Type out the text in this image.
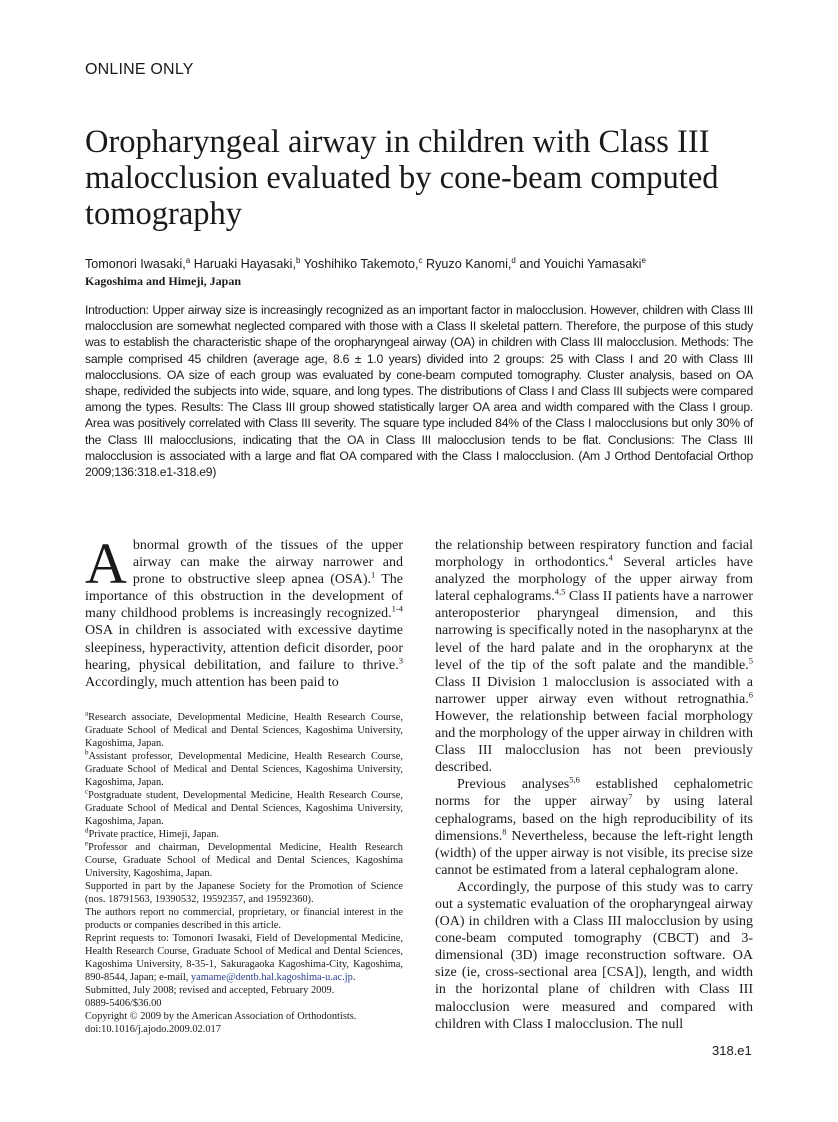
ONLINE ONLY
Oropharyngeal airway in children with Class III malocclusion evaluated by cone-beam computed tomography
Tomonori Iwasaki,$^a$ Haruaki Hayasaki,$^b$ Yoshihiko Takemoto,$^c$ Ryuzo Kanomi,$^d$ and Youichi Yamasaki$^e$
Kagoshima and Himeji, Japan

Introduction: Upper airway size is increasingly recognized as an important factor in malocclusion. However, children with Class III malocclusion are somewhat neglected compared with those with a Class II skeletal pattern. Therefore, the purpose of this study was to establish the characteristic shape of the oropharyngeal airway (OA) in children with Class III malocclusion. Methods: The sample comprised 45 children (average age, 8.6 ± 1.0 years) divided into 2 groups: 25 with Class I and 20 with Class III malocclusions. OA size of each group was evaluated by cone-beam computed tomography. Cluster analysis, based on OA shape, redivided the subjects into wide, square, and long types. The distributions of Class I and Class III subjects were compared among the types. Results: The Class III group showed statistically larger OA area and width compared with the Class I group. Area was positively correlated with Class III severity. The square type included 84% of the Class I malocclusions but only 30% of the Class III malocclusions, indicating that the OA in Class III malocclusion tends to be flat. Conclusions: The Class III malocclusion is associated with a large and flat OA compared with the Class I malocclusion. (Am J Orthod Dentofacial Orthop 2009;136:318.e1-318.e9)

Abnormal growth of the tissues of the upper airway can make the airway narrower and prone to obstructive sleep apnea (OSA).$^1$ The importance of this obstruction in the development of many childhood problems is increasingly recognized.$^{1-4}$ OSA in children is associated with excessive daytime sleepiness, hyperactivity, attention deficit disorder, poor hearing, physical debilitation, and failure to thrive.$^3$ Accordingly, much attention has been paid to

$^a$Research associate, Developmental Medicine, Health Research Course, Graduate School of Medical and Dental Sciences, Kagoshima University, Kagoshima, Japan.

$^b$Assistant professor, Developmental Medicine, Health Research Course, Graduate School of Medical and Dental Sciences, Kagoshima University, Kagoshima, Japan.

$^c$Postgraduate student, Developmental Medicine, Health Research Course, Graduate School of Medical and Dental Sciences, Kagoshima University, Kagoshima, Japan.

$^d$Private practice, Himeji, Japan.

$^e$Professor and chairman, Developmental Medicine, Health Research Course, Graduate School of Medical and Dental Sciences, Kagoshima University, Kagoshima, Japan.

Supported in part by the Japanese Society for the Promotion of Science (nos. 18791563, 19390532, 19592357, and 19592360).

The authors report no commercial, proprietary, or financial interest in the products or companies described in this article.

Reprint requests to: Tomonori Iwasaki, Field of Developmental Medicine, Health Research Course, Graduate School of Medical and Dental Sciences, Kagoshima University, 8-35-1, Sakuragaoka Kagoshima-City, Kagoshima, 890-8544, Japan; e-mail, yamame@dentb.hal.kagoshima-u.ac.jp.

Submitted, July 2008; revised and accepted, February 2009.

0889-5406/$36.00

Copyright © 2009 by the American Association of Orthodontists.

doi:10.1016/j.ajodo.2009.02.017

the relationship between respiratory function and facial morphology in orthodontics.$^4$ Several articles have analyzed the morphology of the upper airway from lateral cephalograms.$^{4,5}$ Class II patients have a narrower anteroposterior pharyngeal dimension, and this narrowing is specifically noted in the nasopharynx at the level of the hard palate and in the oropharynx at the level of the tip of the soft palate and the mandible.$^5$ Class II Division 1 malocclusion is associated with a narrower upper airway even without retrognathia.$^6$ However, the relationship between facial morphology and the morphology of the upper airway in children with Class III malocclusion has not been previously described.

Previous analyses$^{5,6}$ established cephalometric norms for the upper airway$^7$ by using lateral cephalograms, based on the high reproducibility of its dimensions.$^8$ Nevertheless, because the left-right length (width) of the upper airway is not visible, its precise size cannot be estimated from a lateral cephalogram alone.

Accordingly, the purpose of this study was to carry out a systematic evaluation of the oropharyngeal airway (OA) in children with a Class III malocclusion by using cone-beam computed tomography (CBCT) and 3-dimensional (3D) image reconstruction software. OA size (ie, cross-sectional area [CSA]), length, and width in the horizontal plane of children with Class III malocclusion were measured and compared with children with Class I malocclusion. The null

318.e1
